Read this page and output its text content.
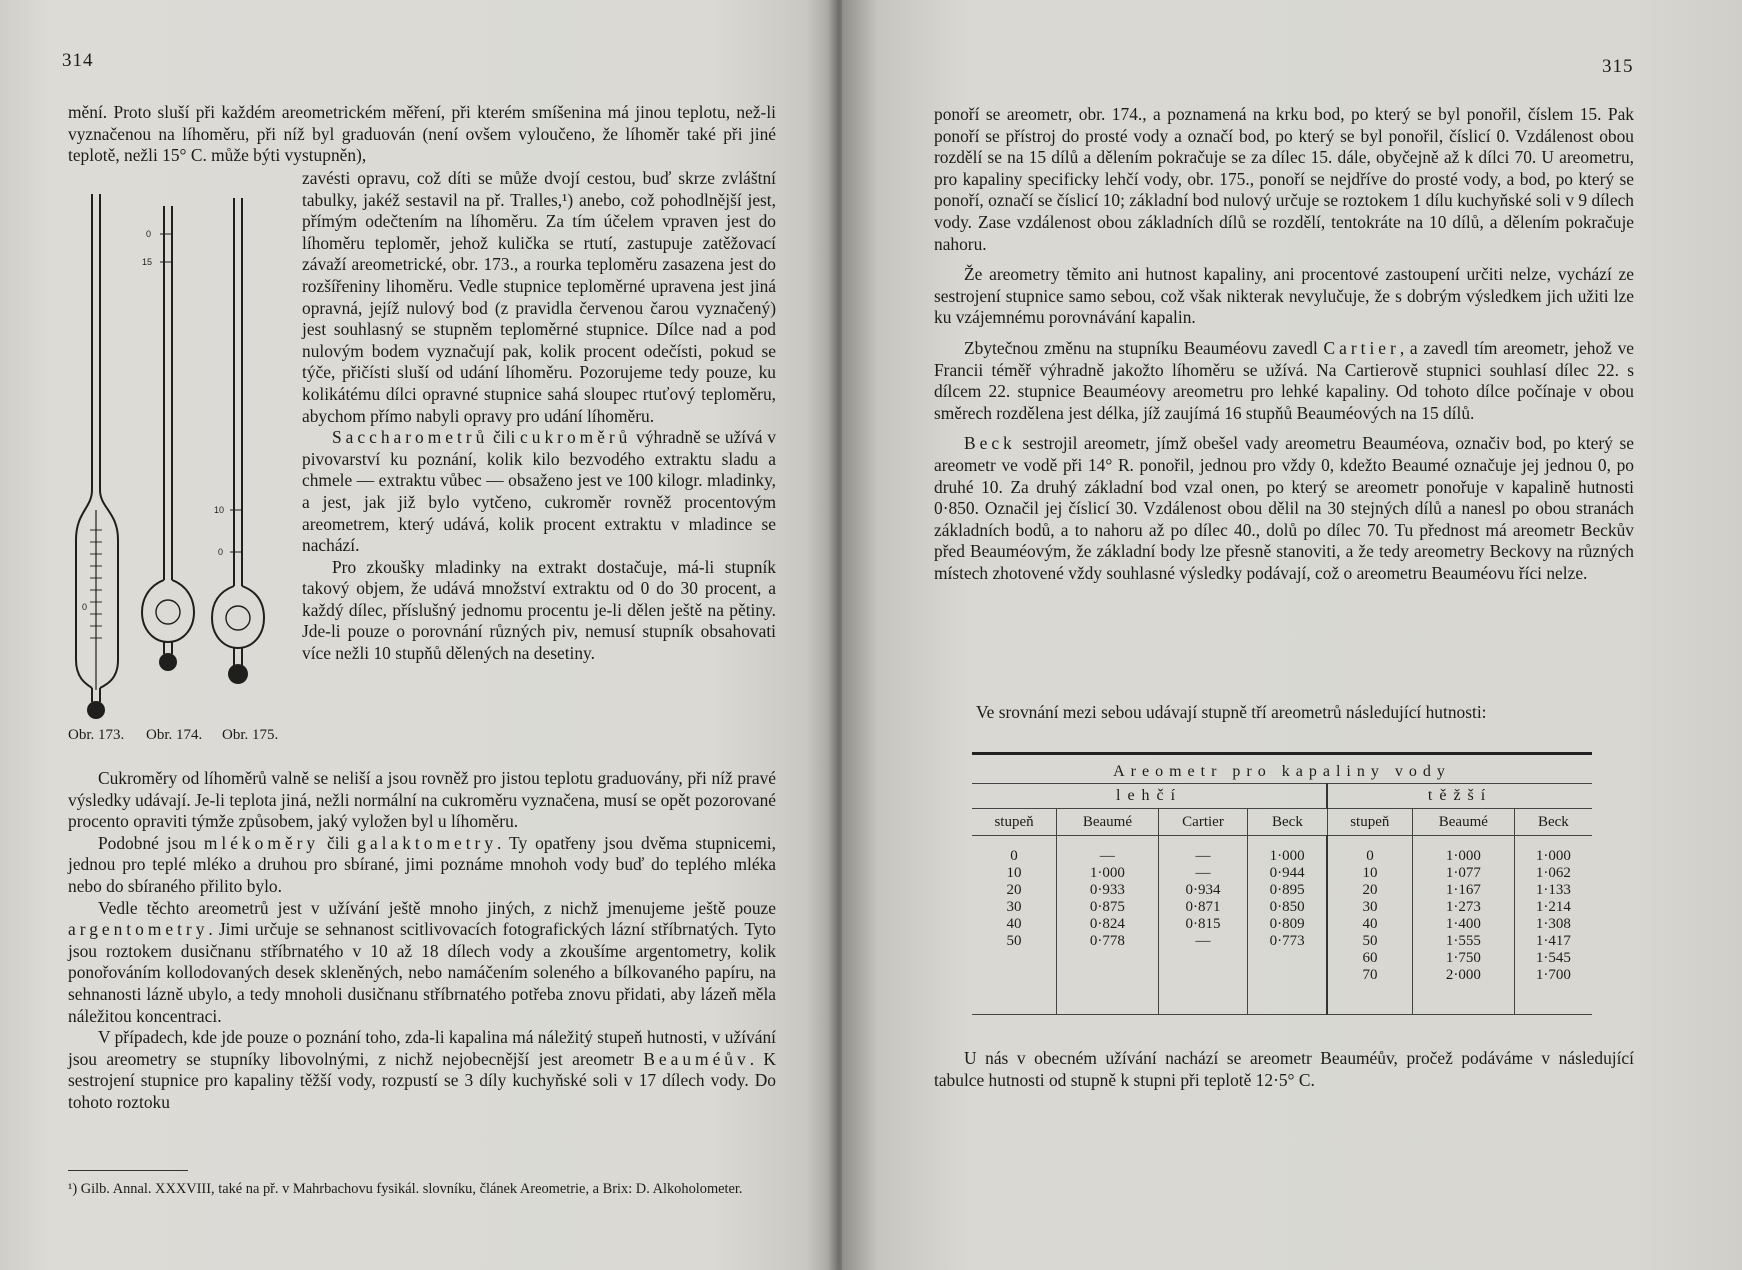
314

mění. Proto sluší při každém areometrickém měření, při kterém smíšenina má jinou teplotu, než-li vyznačenou na líhoměru, při níž byl graduován (není ovšem vyloučeno, že líhoměr také při jiné teplotě, nežli 15° C. může býti vystupněn),

0
15
10
0
0
Obr. 173. Obr. 174. Obr. 175.

zavésti opravu, což díti se může dvojí cestou, buď skrze zvláštní tabulky, jakéž sestavil na př. Tralles,¹) anebo, což pohodlnější jest, přímým odečtením na líhoměru. Za tím účelem vpraven jest do líhoměru teploměr, jehož kulička se rtutí, zastupuje zatěžovací závaží areometrické, obr. 173., a rourka teploměru zasazena jest do rozšířeniny lihoměru. Vedle stupnice teploměrné upravena jest jiná opravná, jejíž nulový bod (z pravidla červenou čarou vyznačený) jest souhlasný se stupněm teploměrné stupnice. Dílce nad a pod nulovým bodem vyznačují pak, kolik procent odečísti, pokud se týče, přičísti sluší od udání líhoměru. Pozorujeme tedy pouze, ku kolikátému dílci opravné stupnice sahá sloupec rtuťový teploměru, abychom přímo nabyli opravy pro udání líhoměru.

Saccharometrů čili cukroměrů výhradně se užívá v pivovarství ku poznání, kolik kilo bezvodého extraktu sladu a chmele — extraktu vůbec — obsaženo jest ve 100 kilogr. mladinky, a jest, jak již bylo vytčeno, cukroměr rovněž procentovým areometrem, který udává, kolik procent extraktu v mladince se nachází.

Pro zkoušky mladinky na extrakt dostačuje, má-li stupník takový objem, že udává množství extraktu od 0 do 30 procent, a každý dílec, příslušný jednomu procentu je-li dělen ještě na pětiny. Jde-li pouze o porovnání různých piv, nemusí stupník obsahovati více nežli 10 stupňů dělených na desetiny.

Cukroměry od líhoměrů valně se neliší a jsou rovněž pro jistou teplotu graduovány, při níž pravé výsledky udávají. Je-li teplota jiná, nežli normální na cukroměru vyznačena, musí se opět pozorované procento opraviti týmže způsobem, jaký vyložen byl u líhoměru.

Podobné jsou mlékoměry čili galaktometry. Ty opatřeny jsou dvěma stupnicemi, jednou pro teplé mléko a druhou pro sbírané, jimi poznáme mnohoh vody buď do teplého mléka nebo do sbíraného přilito bylo.

Vedle těchto areometrů jest v užívání ještě mnoho jiných, z nichž jmenujeme ještě pouze argentometry. Jimi určuje se sehnanost scitlivovacích fotografických lázní stříbrnatých. Tyto jsou roztokem dusičnanu stříbrnatého v 10 až 18 dílech vody a zkoušíme argentometry, kolik ponořováním kollodovaných desek skleněných, nebo namáčením soleného a bílkovaného papíru, na sehnanosti lázně ubylo, a tedy mnoholi dusičnanu stříbrnatého potřeba znovu přidati, aby lázeň měla náležitou koncentraci.

V případech, kde jde pouze o poznání toho, zda-li kapalina má náležitý stupeň hutnosti, v užívání jsou areometry se stupníky libovolnými, z nichž nejobecnější jest areometr Beauméův. K sestrojení stupnice pro kapaliny těžší vody, rozpustí se 3 díly kuchyňské soli v 17 dílech vody. Do tohoto roztoku

¹) Gilb. Annal. XXXVIII, také na př. v Mahrbachovu fysikál. slovníku, článek Areometrie, a Brix: D. Alkoholometer.
315

ponoří se areometr, obr. 174., a poznamená na krku bod, po který se byl ponořil, číslem 15. Pak ponoří se přístroj do prosté vody a označí bod, po který se byl ponořil, číslicí 0. Vzdálenost obou rozdělí se na 15 dílů a dělením pokračuje se za dílec 15. dále, obyčejně až k dílci 70. U areometru, pro kapaliny specificky lehčí vody, obr. 175., ponoří se nejdříve do prosté vody, a bod, po který se ponoří, označí se číslicí 10; základní bod nulový určuje se roztokem 1 dílu kuchyňské soli v 9 dílech vody. Zase vzdálenost obou základních dílů se rozdělí, tentokráte na 10 dílů, a dělením pokračuje nahoru.

Že areometry těmito ani hutnost kapaliny, ani procentové zastoupení určiti nelze, vychází ze sestrojení stupnice samo sebou, což však nikterak nevylučuje, že s dobrým výsledkem jich užiti lze ku vzájemnému porovnávání kapalin.

Zbytečnou změnu na stupníku Beauméovu zavedl Cartier, a zavedl tím areometr, jehož ve Francii téměř výhradně jakožto líhoměru se užívá. Na Cartierově stupnici souhlasí dílec 22. s dílcem 22. stupnice Beauméovy areometru pro lehké kapaliny. Od tohoto dílce počínaje v obou směrech rozdělena jest délka, jíž zaujímá 16 stupňů Beauméových na 15 dílů.

Beck sestrojil areometr, jímž obešel vady areometru Beauméova, označiv bod, po který se areometr ve vodě při 14° R. ponořil, jednou pro vždy 0, kdežto Beaumé označuje jej jednou 0, po druhé 10. Za druhý základní bod vzal onen, po který se areometr ponořuje v kapalině hutnosti 0·850. Označil jej číslicí 30. Vzdálenost obou dělil na 30 stejných dílů a nanesl po obou stranách základních bodů, a to nahoru až po dílec 40., dolů po dílec 70. Tu přednost má areometr Beckův před Beauméovým, že základní body lze přesně stanoviti, a že tedy areometry Beckovy na různých místech zhotovené vždy souhlasné výsledky podávají, což o areometru Beauméovu říci nelze.

Ve srovnání mezi sebou udávají stupně tří areometrů následující hutnosti:

Areometr pro kapaliny vody						
lehčí				těžší		
stupeň	Beaumé	Cartier	Beck	stupeň	Beaumé	Beck

0	—	—	1·000	0	1·000	1·000
10	1·000	—	0·944	10	1·077	1·062
20	0·933	0·934	0·895	20	1·167	1·133
30	0·875	0·871	0·850	30	1·273	1·214
40	0·824	0·815	0·809	40	1·400	1·308
50	0·778	—	0·773	50	1·555	1·417
				60	1·750	1·545
				70	2·000	1·700

U nás v obecném užívání nachází se areometr Beauméův, pročež podáváme v následující tabulce hutnosti od stupně k stupni při teplotě 12·5° C.
